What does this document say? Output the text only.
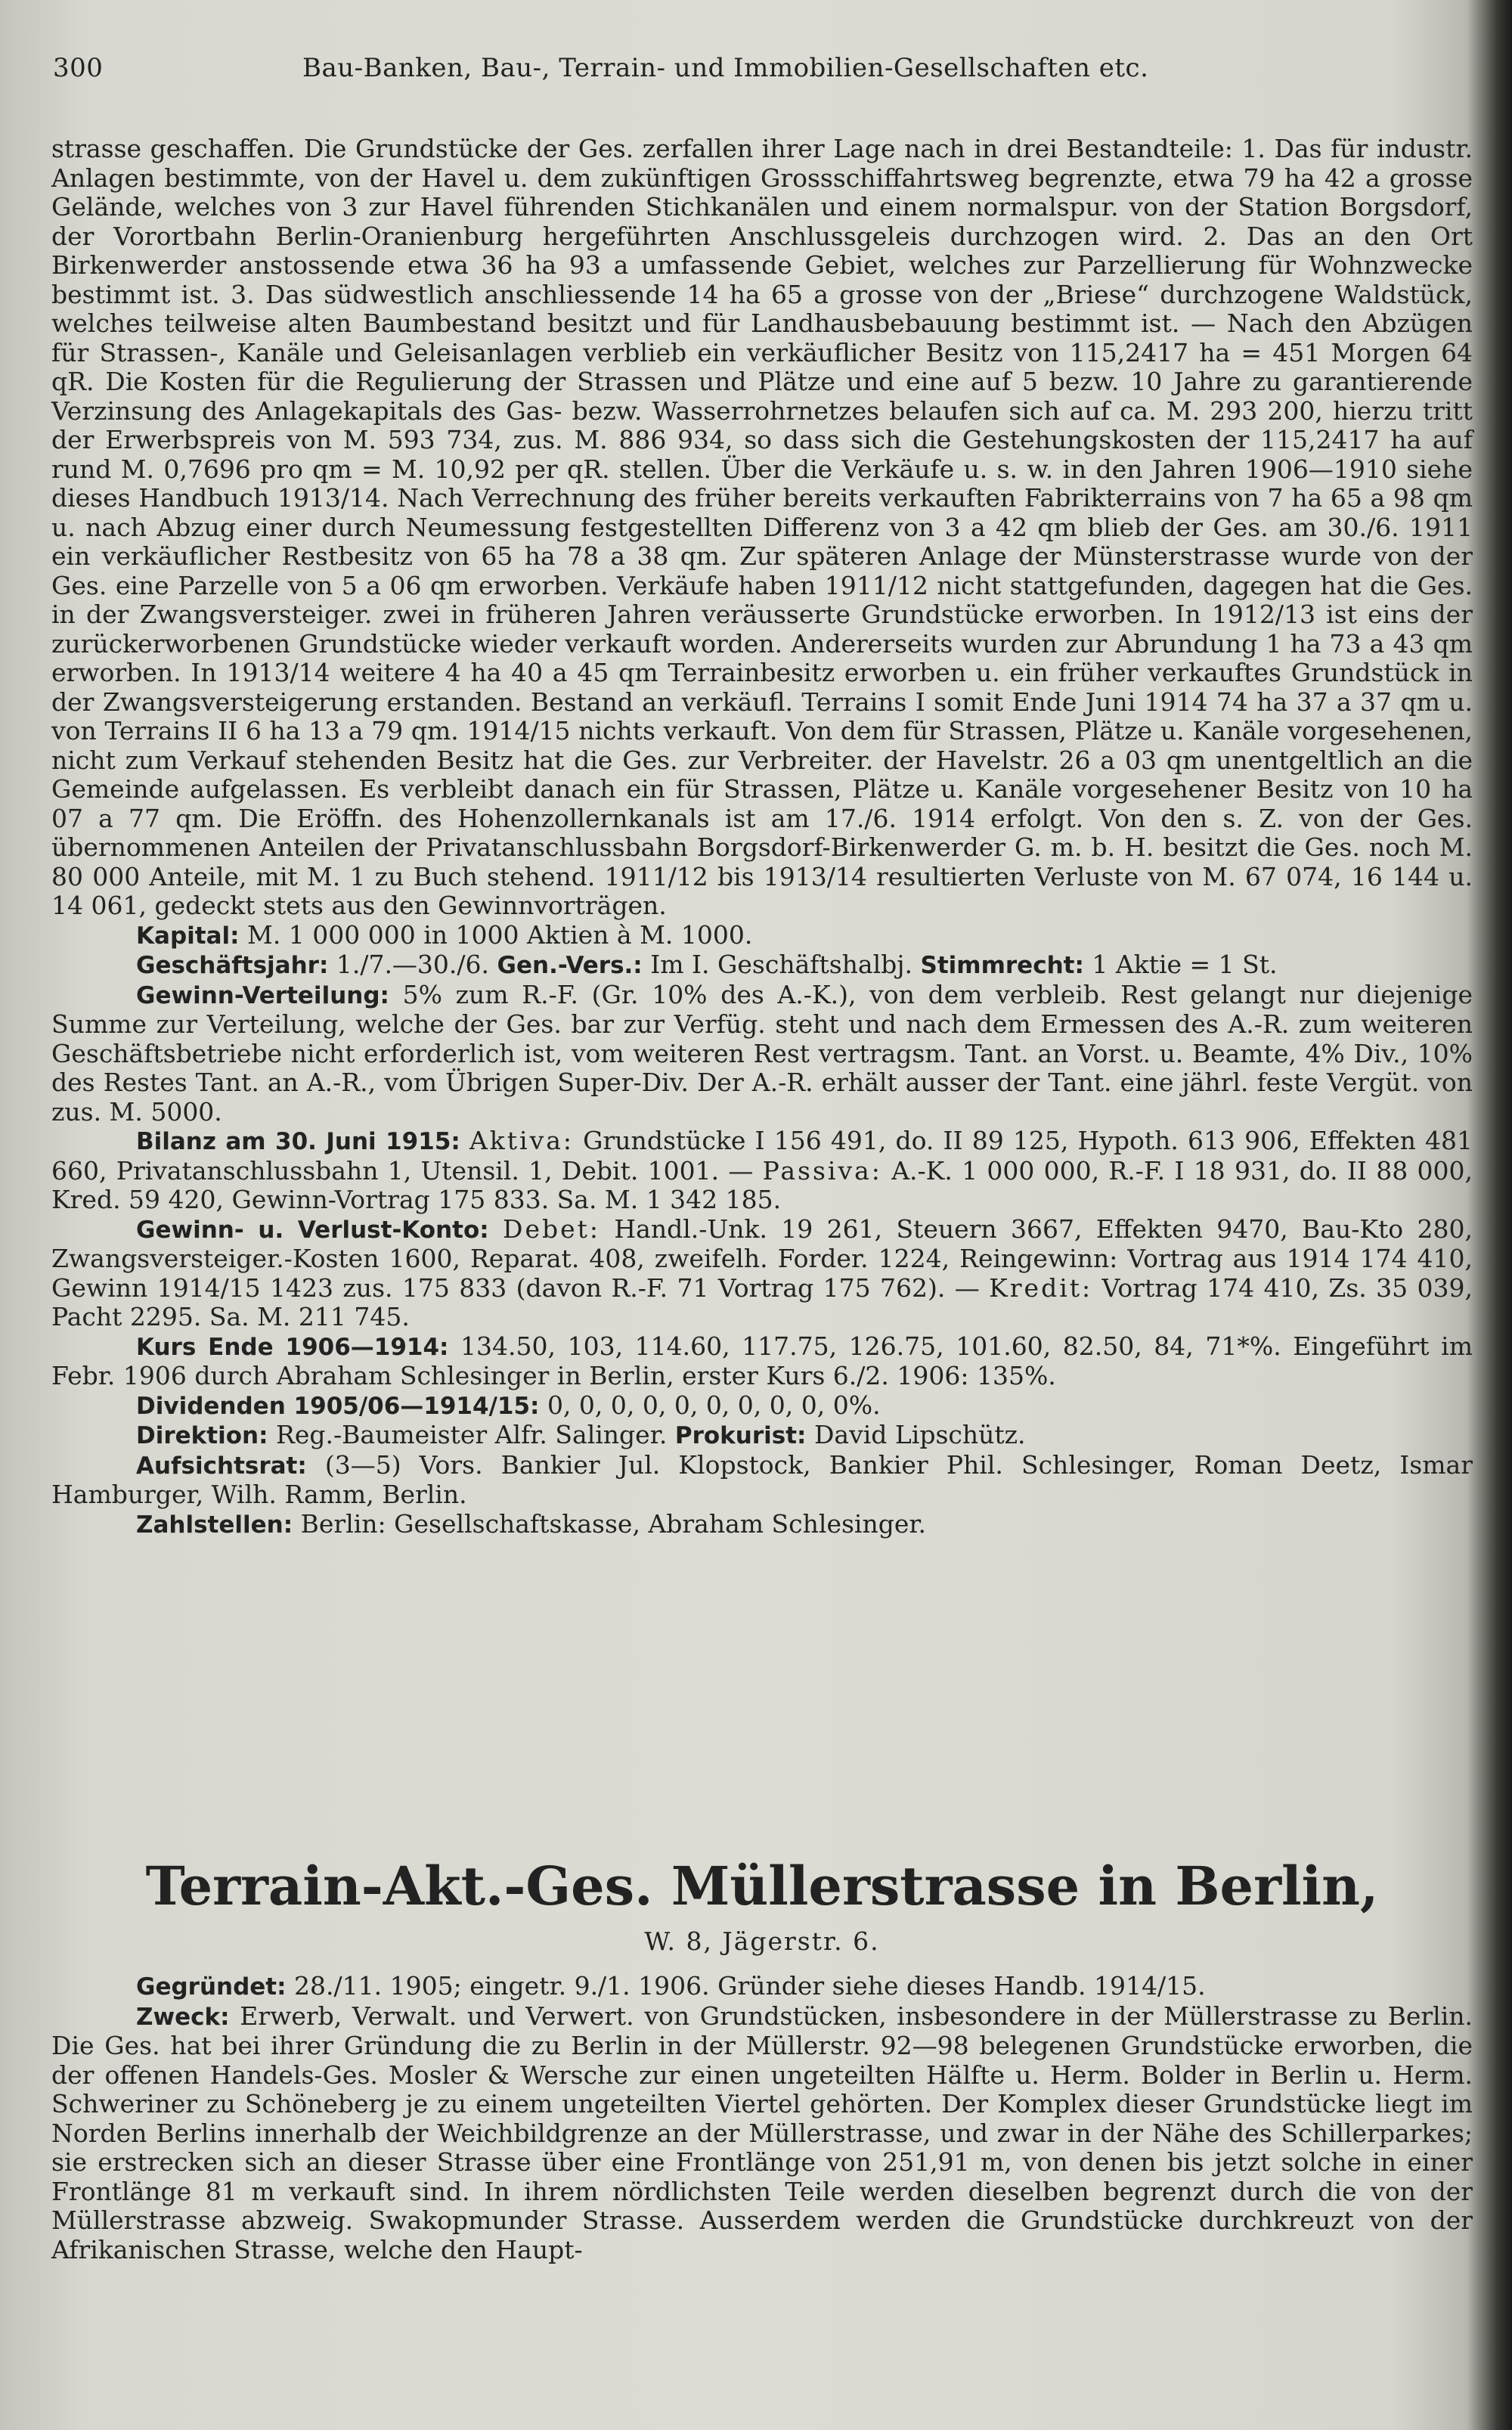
300	Bau-Banken, Bau-, Terrain- und Immobilien-Gesellschaften etc.

strasse geschaffen. Die Grundstücke der Ges. zerfallen ihrer Lage nach in drei Bestandteile: 1. Das für industr. Anlagen bestimmte, von der Havel u. dem zukünftigen Grossschiffahrtsweg begrenzte, etwa 79 ha 42 a grosse Gelände, welches von 3 zur Havel führenden Stichkanälen und einem normalspur. von der Station Borgsdorf, der Vorortbahn Berlin-Oranienburg hergeführten Anschlussgeleis durchzogen wird. 2. Das an den Ort Birkenwerder anstossende etwa 36 ha 93 a umfassende Gebiet, welches zur Parzellierung für Wohnzwecke bestimmt ist. 3. Das südwestlich anschliessende 14 ha 65 a grosse von der „Briese“ durchzogene Waldstück, welches teilweise alten Baumbestand besitzt und für Landhausbebauung bestimmt ist. — Nach den Abzügen für Strassen-, Kanäle und Geleisanlagen verblieb ein verkäuflicher Besitz von 115,2417 ha = 451 Morgen 64 qR. Die Kosten für die Regulierung der Strassen und Plätze und eine auf 5 bezw. 10 Jahre zu garantierende Verzinsung des Anlagekapitals des Gas- bezw. Wasserrohrnetzes belaufen sich auf ca. M. 293 200, hierzu tritt der Erwerbspreis von M. 593 734, zus. M. 886 934, so dass sich die Gestehungskosten der 115,2417 ha auf rund M. 0,7696 pro qm = M. 10,92 per qR. stellen. Über die Verkäufe u. s. w. in den Jahren 1906—1910 siehe dieses Handbuch 1913/14. Nach Verrechnung des früher bereits verkauften Fabrikterrains von 7 ha 65 a 98 qm u. nach Abzug einer durch Neumessung festgestellten Differenz von 3 a 42 qm blieb der Ges. am 30./6. 1911 ein verkäuflicher Restbesitz von 65 ha 78 a 38 qm. Zur späteren Anlage der Münsterstrasse wurde von der Ges. eine Parzelle von 5 a 06 qm erworben. Verkäufe haben 1911/12 nicht stattgefunden, dagegen hat die Ges. in der Zwangsversteiger. zwei in früheren Jahren veräusserte Grundstücke erworben. In 1912/13 ist eins der zurückerworbenen Grundstücke wieder verkauft worden. Andererseits wurden zur Abrundung 1 ha 73 a 43 qm erworben. In 1913/14 weitere 4 ha 40 a 45 qm Terrainbesitz erworben u. ein früher verkauftes Grundstück in der Zwangsversteigerung erstanden. Bestand an verkäufl. Terrains I somit Ende Juni 1914 74 ha 37 a 37 qm u. von Terrains II 6 ha 13 a 79 qm. 1914/15 nichts verkauft. Von dem für Strassen, Plätze u. Kanäle vorgesehenen, nicht zum Verkauf stehenden Besitz hat die Ges. zur Verbreiter. der Havelstr. 26 a 03 qm unentgeltlich an die Gemeinde aufgelassen. Es verbleibt danach ein für Strassen, Plätze u. Kanäle vorgesehener Besitz von 10 ha 07 a 77 qm. Die Eröffn. des Hohenzollernkanals ist am 17./6. 1914 erfolgt. Von den s. Z. von der Ges. übernommenen Anteilen der Privatanschlussbahn Borgsdorf-Birkenwerder G. m. b. H. besitzt die Ges. noch M. 80 000 Anteile, mit M. 1 zu Buch stehend. 1911/12 bis 1913/14 resultierten Verluste von M. 67 074, 16 144 u. 14 061, gedeckt stets aus den Gewinnvorträgen.

Kapital: M. 1 000 000 in 1000 Aktien à M. 1000.

Geschäftsjahr: 1./7.—30./6. Gen.-Vers.: Im I. Geschäftshalbj. Stimmrecht: 1 Aktie = 1 St.

Gewinn-Verteilung: 5% zum R.-F. (Gr. 10% des A.-K.), von dem verbleib. Rest gelangt nur diejenige Summe zur Verteilung, welche der Ges. bar zur Verfüg. steht und nach dem Ermessen des A.-R. zum weiteren Geschäftsbetriebe nicht erforderlich ist, vom weiteren Rest vertragsm. Tant. an Vorst. u. Beamte, 4% Div., 10% des Restes Tant. an A.-R., vom Übrigen Super-Div. Der A.-R. erhält ausser der Tant. eine jährl. feste Vergüt. von zus. M. 5000.

Bilanz am 30. Juni 1915: Aktiva: Grundstücke I 156 491, do. II 89 125, Hypoth. 613 906, Effekten 481 660, Privatanschlussbahn 1, Utensil. 1, Debit. 1001. — Passiva: A.-K. 1 000 000, R.-F. I 18 931, do. II 88 000, Kred. 59 420, Gewinn-Vortrag 175 833. Sa. M. 1 342 185.

Gewinn- u. Verlust-Konto: Debet: Handl.-Unk. 19 261, Steuern 3667, Effekten 9470, Bau-Kto 280, Zwangsversteiger.-Kosten 1600, Reparat. 408, zweifelh. Forder. 1224, Reingewinn: Vortrag aus 1914 174 410, Gewinn 1914/15 1423 zus. 175 833 (davon R.-F. 71 Vortrag 175 762). — Kredit: Vortrag 174 410, Zs. 35 039, Pacht 2295. Sa. M. 211 745.

Kurs Ende 1906—1914: 134.50, 103, 114.60, 117.75, 126.75, 101.60, 82.50, 84, 71*%. Eingeführt im Febr. 1906 durch Abraham Schlesinger in Berlin, erster Kurs 6./2. 1906: 135%.

Dividenden 1905/06—1914/15: 0, 0, 0, 0, 0, 0, 0, 0, 0, 0%.

Direktion: Reg.-Baumeister Alfr. Salinger. Prokurist: David Lipschütz.

Aufsichtsrat: (3—5) Vors. Bankier Jul. Klopstock, Bankier Phil. Schlesinger, Roman Deetz, Ismar Hamburger, Wilh. Ramm, Berlin.

Zahlstellen: Berlin: Gesellschaftskasse, Abraham Schlesinger.

Gegründet: 28./11. 1905; eingetr. 9./1. 1906. Gründer siehe dieses Handb. 1914/15.

Zweck: Erwerb, Verwalt. und Verwert. von Grundstücken, insbesondere in der Müllerstrasse zu Berlin. Die Ges. hat bei ihrer Gründung die zu Berlin in der Müllerstr. 92—98 belegenen Grundstücke erworben, die der offenen Handels-Ges. Mosler & Wersche zur einen ungeteilten Hälfte u. Herm. Bolder in Berlin u. Herm. Schweriner zu Schöneberg je zu einem ungeteilten Viertel gehörten. Der Komplex dieser Grundstücke liegt im Norden Berlins innerhalb der Weichbildgrenze an der Müllerstrasse, und zwar in der Nähe des Schillerparkes; sie erstrecken sich an dieser Strasse über eine Frontlänge von 251,91 m, von denen bis jetzt solche in einer Frontlänge 81 m verkauft sind. In ihrem nördlichsten Teile werden dieselben begrenzt durch die von der Müllerstrasse abzweig. Swakopmunder Strasse. Ausserdem werden die Grundstücke durchkreuzt von der Afrikanischen Strasse, welche den Haupt-

Terrain-Akt.-Ges. Müllerstrasse in Berlin,
W. 8, Jägerstr. 6.
